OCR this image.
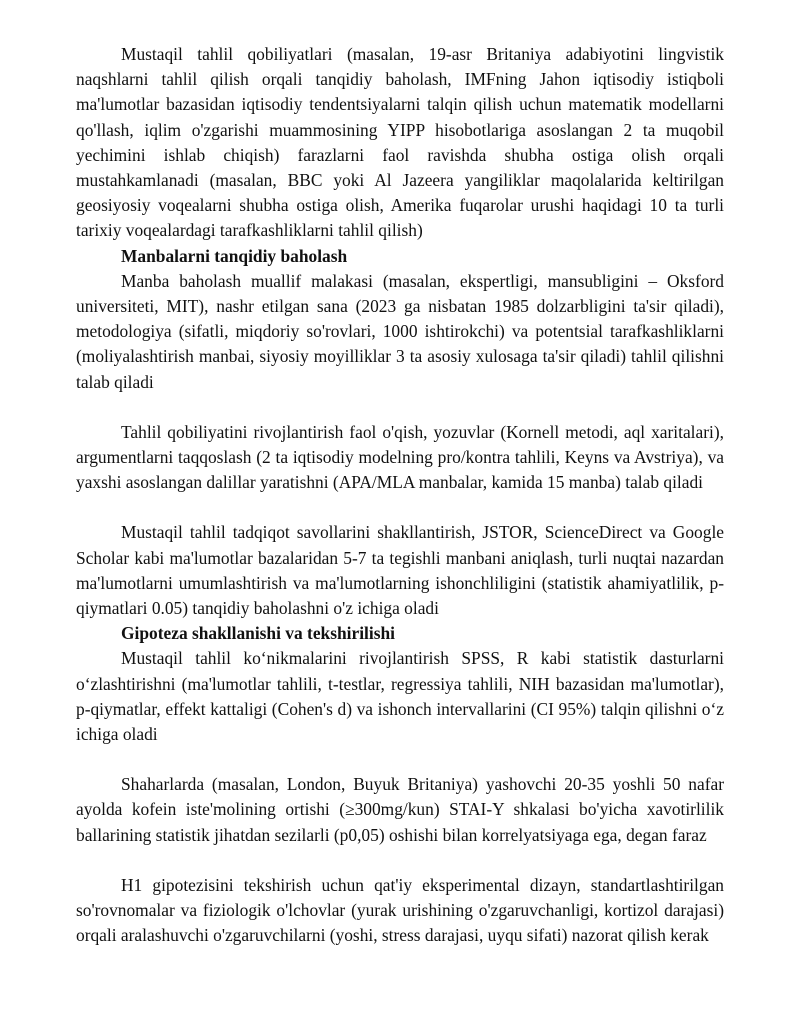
Mustaqil tahlil qobiliyatlari (masalan, 19-asr Britaniya adabiyotini lingvistik naqshlarni tahlil qilish orqali tanqidiy baholash, IMFning Jahon iqtisodiy istiqboli ma'lumotlar bazasidan iqtisodiy tendentsiyalarni talqin qilish uchun matematik modellarni qo'llash, iqlim o'zgarishi muammosining YIPP hisobotlariga asoslangan 2 ta muqobil yechimini ishlab chiqish) farazlarni faol ravishda shubha ostiga olish orqali mustahkamlanadi (masalan, BBC yoki Al Jazeera yangiliklar maqolalarida keltirilgan geosiyosiy voqealarni shubha ostiga olish, Amerika fuqarolar urushi haqidagi 10 ta turli tarixiy voqealardagi tarafkashliklarni tahlil qilish)

Manbalarni tanqidiy baholash

Manba baholash muallif malakasi (masalan, ekspertligi, mansubligini – Oksford universiteti, MIT), nashr etilgan sana (2023 ga nisbatan 1985 dolzarbligini ta'sir qiladi), metodologiya (sifatli, miqdoriy so'rovlari, 1000 ishtirokchi) va potentsial tarafkashliklarni (moliyalashtirish manbai, siyosiy moyilliklar 3 ta asosiy xulosaga ta'sir qiladi) tahlil qilishni talab qiladi

Tahlil qobiliyatini rivojlantirish faol o'qish, yozuvlar (Kornell metodi, aql xaritalari), argumentlarni taqqoslash (2 ta iqtisodiy modelning pro/kontra tahlili, Keyns va Avstriya), va yaxshi asoslangan dalillar yaratishni (APA/MLA manbalar, kamida 15 manba) talab qiladi

Mustaqil tahlil tadqiqot savollarini shakllantirish, JSTOR, ScienceDirect va Google Scholar kabi ma'lumotlar bazalaridan 5-7 ta tegishli manbani aniqlash, turli nuqtai nazardan ma'lumotlarni umumlashtirish va ma'lumotlarning ishonchliligini (statistik ahamiyatlilik, p-qiymatlari 0.05) tanqidiy baholashni o'z ichiga oladi

Gipoteza shakllanishi va tekshirilishi

Mustaqil tahlil ko‘nikmalarini rivojlantirish SPSS, R kabi statistik dasturlarni o‘zlashtirishni (ma'lumotlar tahlili, t-testlar, regressiya tahlili, NIH bazasidan ma'lumotlar), p-qiymatlar, effekt kattaligi (Cohen's d) va ishonch intervallarini (CI 95%) talqin qilishni o‘z ichiga oladi

Shaharlarda (masalan, London, Buyuk Britaniya) yashovchi 20-35 yoshli 50 nafar ayolda kofein iste'molining ortishi (≥300mg/kun) STAI-Y shkalasi bo'yicha xavotirlilik ballarining statistik jihatdan sezilarli (p0,05) oshishi bilan korrelyatsiyaga ega, degan faraz

H1 gipotezisini tekshirish uchun qat'iy eksperimental dizayn, standartlashtirilgan so'rovnomalar va fiziologik o'lchovlar (yurak urishining o'zgaruvchanligi, kortizol darajasi) orqali aralashuvchi o'zgaruvchilarni (yoshi, stress darajasi, uyqu sifati) nazorat qilish kerak
